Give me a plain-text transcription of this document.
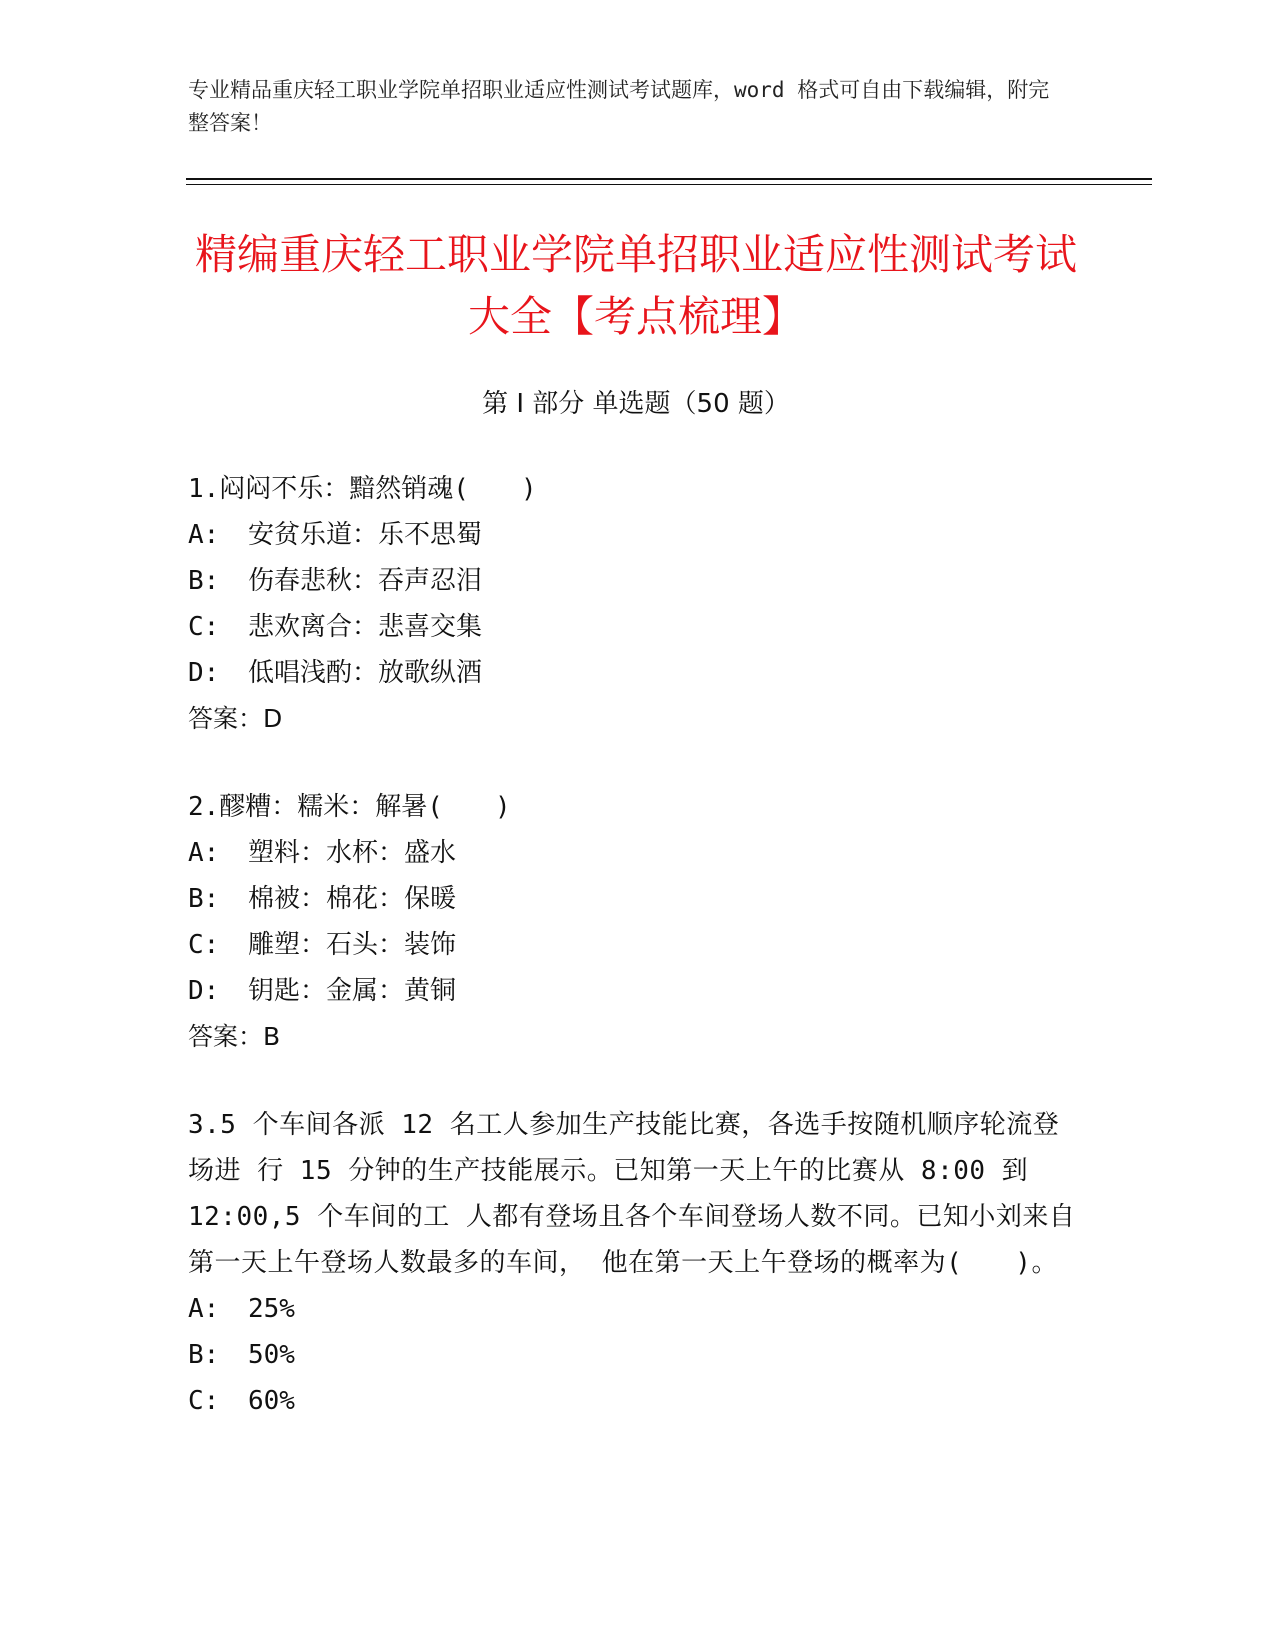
专业精品重庆轻工职业学院单招职业适应性测试考试题库，word 格式可自由下载编辑，附完整答案！
精编重庆轻工职业学院单招职业适应性测试考试大全【考点梳理】
第 I 部分 单选题（50 题）
1.闷闷不乐：黯然销魂(　　)
A:	安贫乐道：乐不思蜀
B:	伤春悲秋：吞声忍泪
C:	悲欢离合：悲喜交集
D:	低唱浅酌：放歌纵酒
答案：D
2.醪糟：糯米：解暑(　　)
A:	塑料：水杯：盛水
B:	棉被：棉花：保暖
C:	雕塑：石头：装饰
D:	钥匙：金属：黄铜
答案：B
3.5 个车间各派 12 名工人参加生产技能比赛，各选手按随机顺序轮流登场进 行 15 分钟的生产技能展示。已知第一天上午的比赛从 8:00 到 12:00,5 个车间的工 人都有登场且各个车间登场人数不同。已知小刘来自第一天上午登场人数最多的车间， 他在第一天上午登场的概率为(　　)。
A:	25%
B:	50%
C:	60%
